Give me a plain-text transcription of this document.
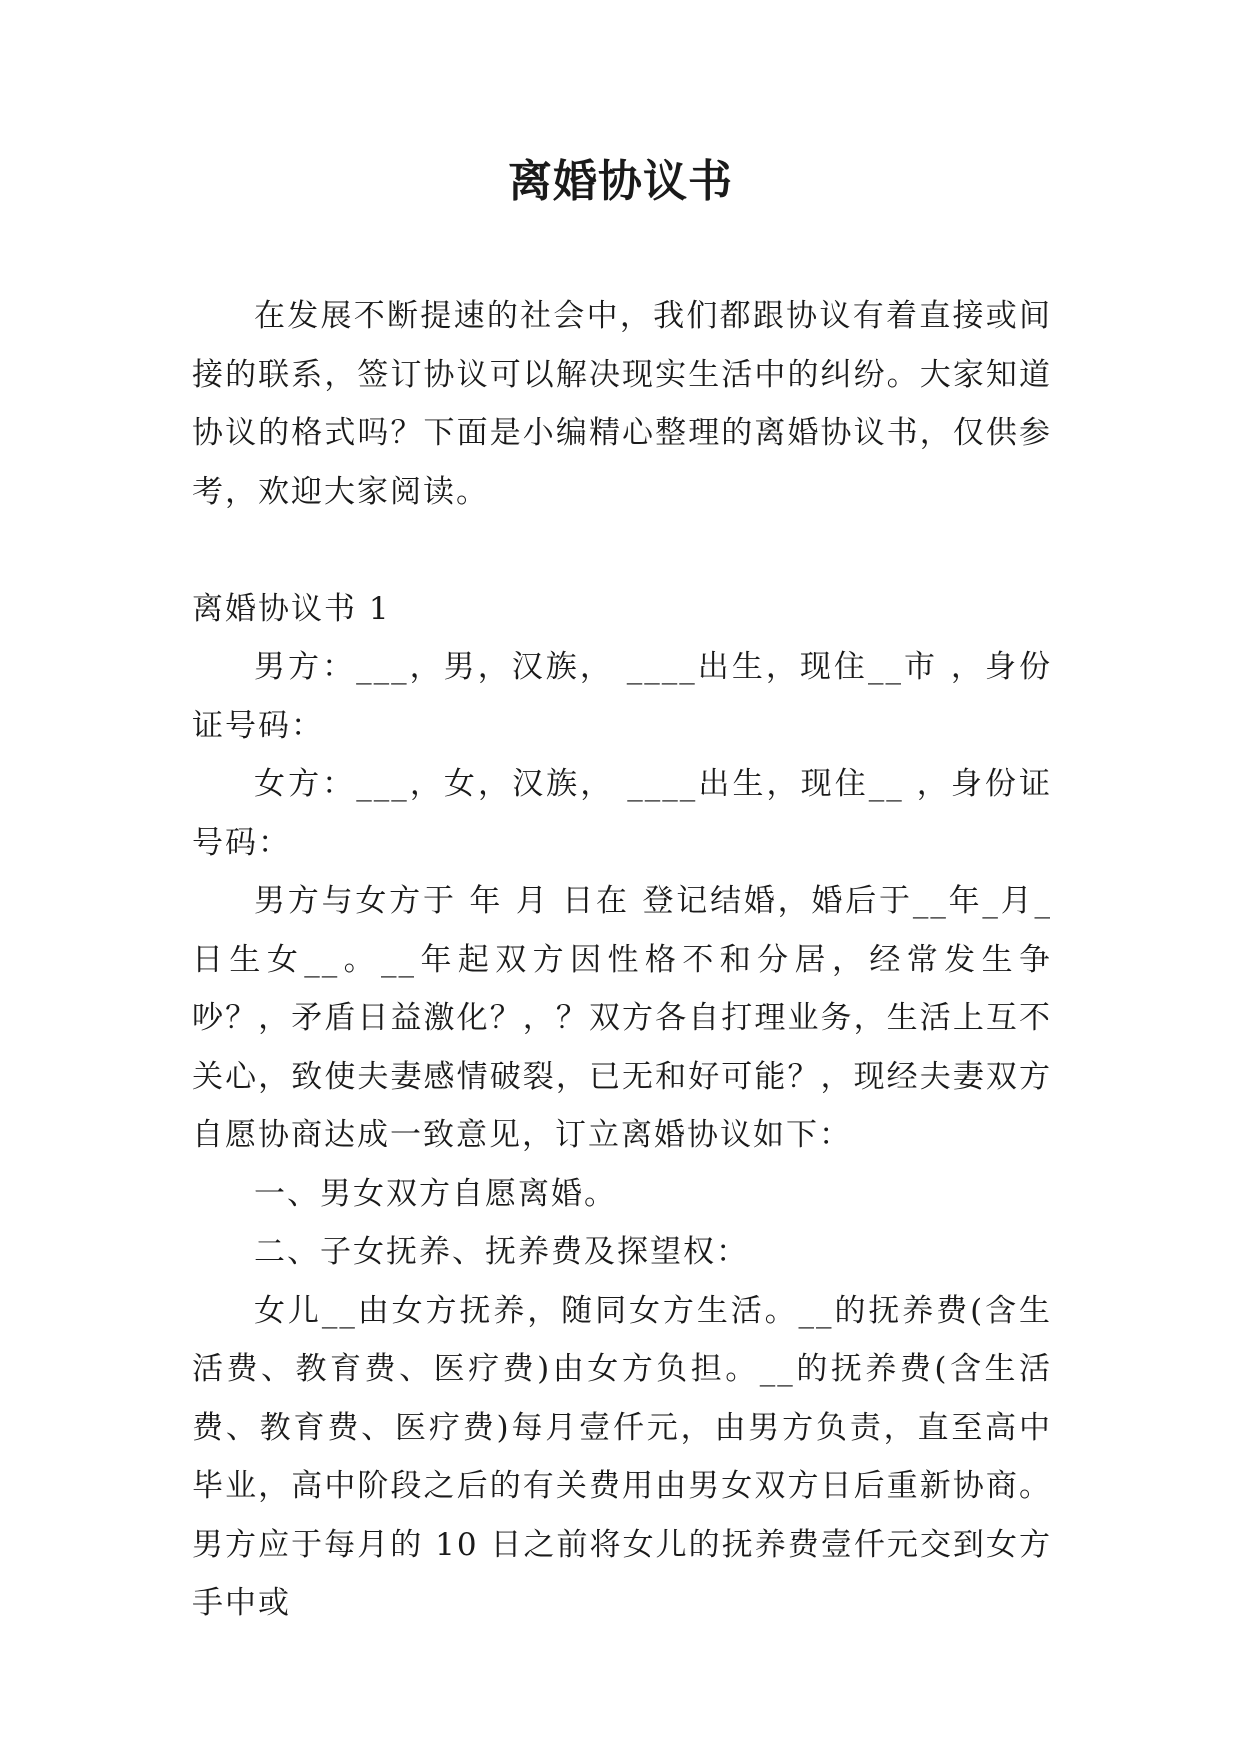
离婚协议书

在发展不断提速的社会中，我们都跟协议有着直接或间接的联系，签订协议可以解决现实生活中的纠纷。大家知道协议的格式吗？下面是小编精心整理的离婚协议书，仅供参考，欢迎大家阅读。

离婚协议书 1

男方：___，男，汉族， ____出生，现住__市 ，身份证号码：

女方：___，女，汉族， ____出生，现住__ ，身份证号码：

男方与女方于 年 月 日在 登记结婚，婚后于__年_月_日生女__。__年起双方因性格不和分居，经常发生争吵？，矛盾日益激化？，？双方各自打理业务，生活上互不关心，致使夫妻感情破裂，已无和好可能？，现经夫妻双方自愿协商达成一致意见，订立离婚协议如下：

一、男女双方自愿离婚。

二、子女抚养、抚养费及探望权：

女儿__由女方抚养，随同女方生活。__的抚养费(含生活费、教育费、医疗费)由女方负担。__的抚养费(含生活费、教育费、医疗费)每月壹仟元，由男方负责，直至高中毕业，高中阶段之后的有关费用由男女双方日后重新协商。男方应于每月的 10 日之前将女儿的抚养费壹仟元交到女方手中或
